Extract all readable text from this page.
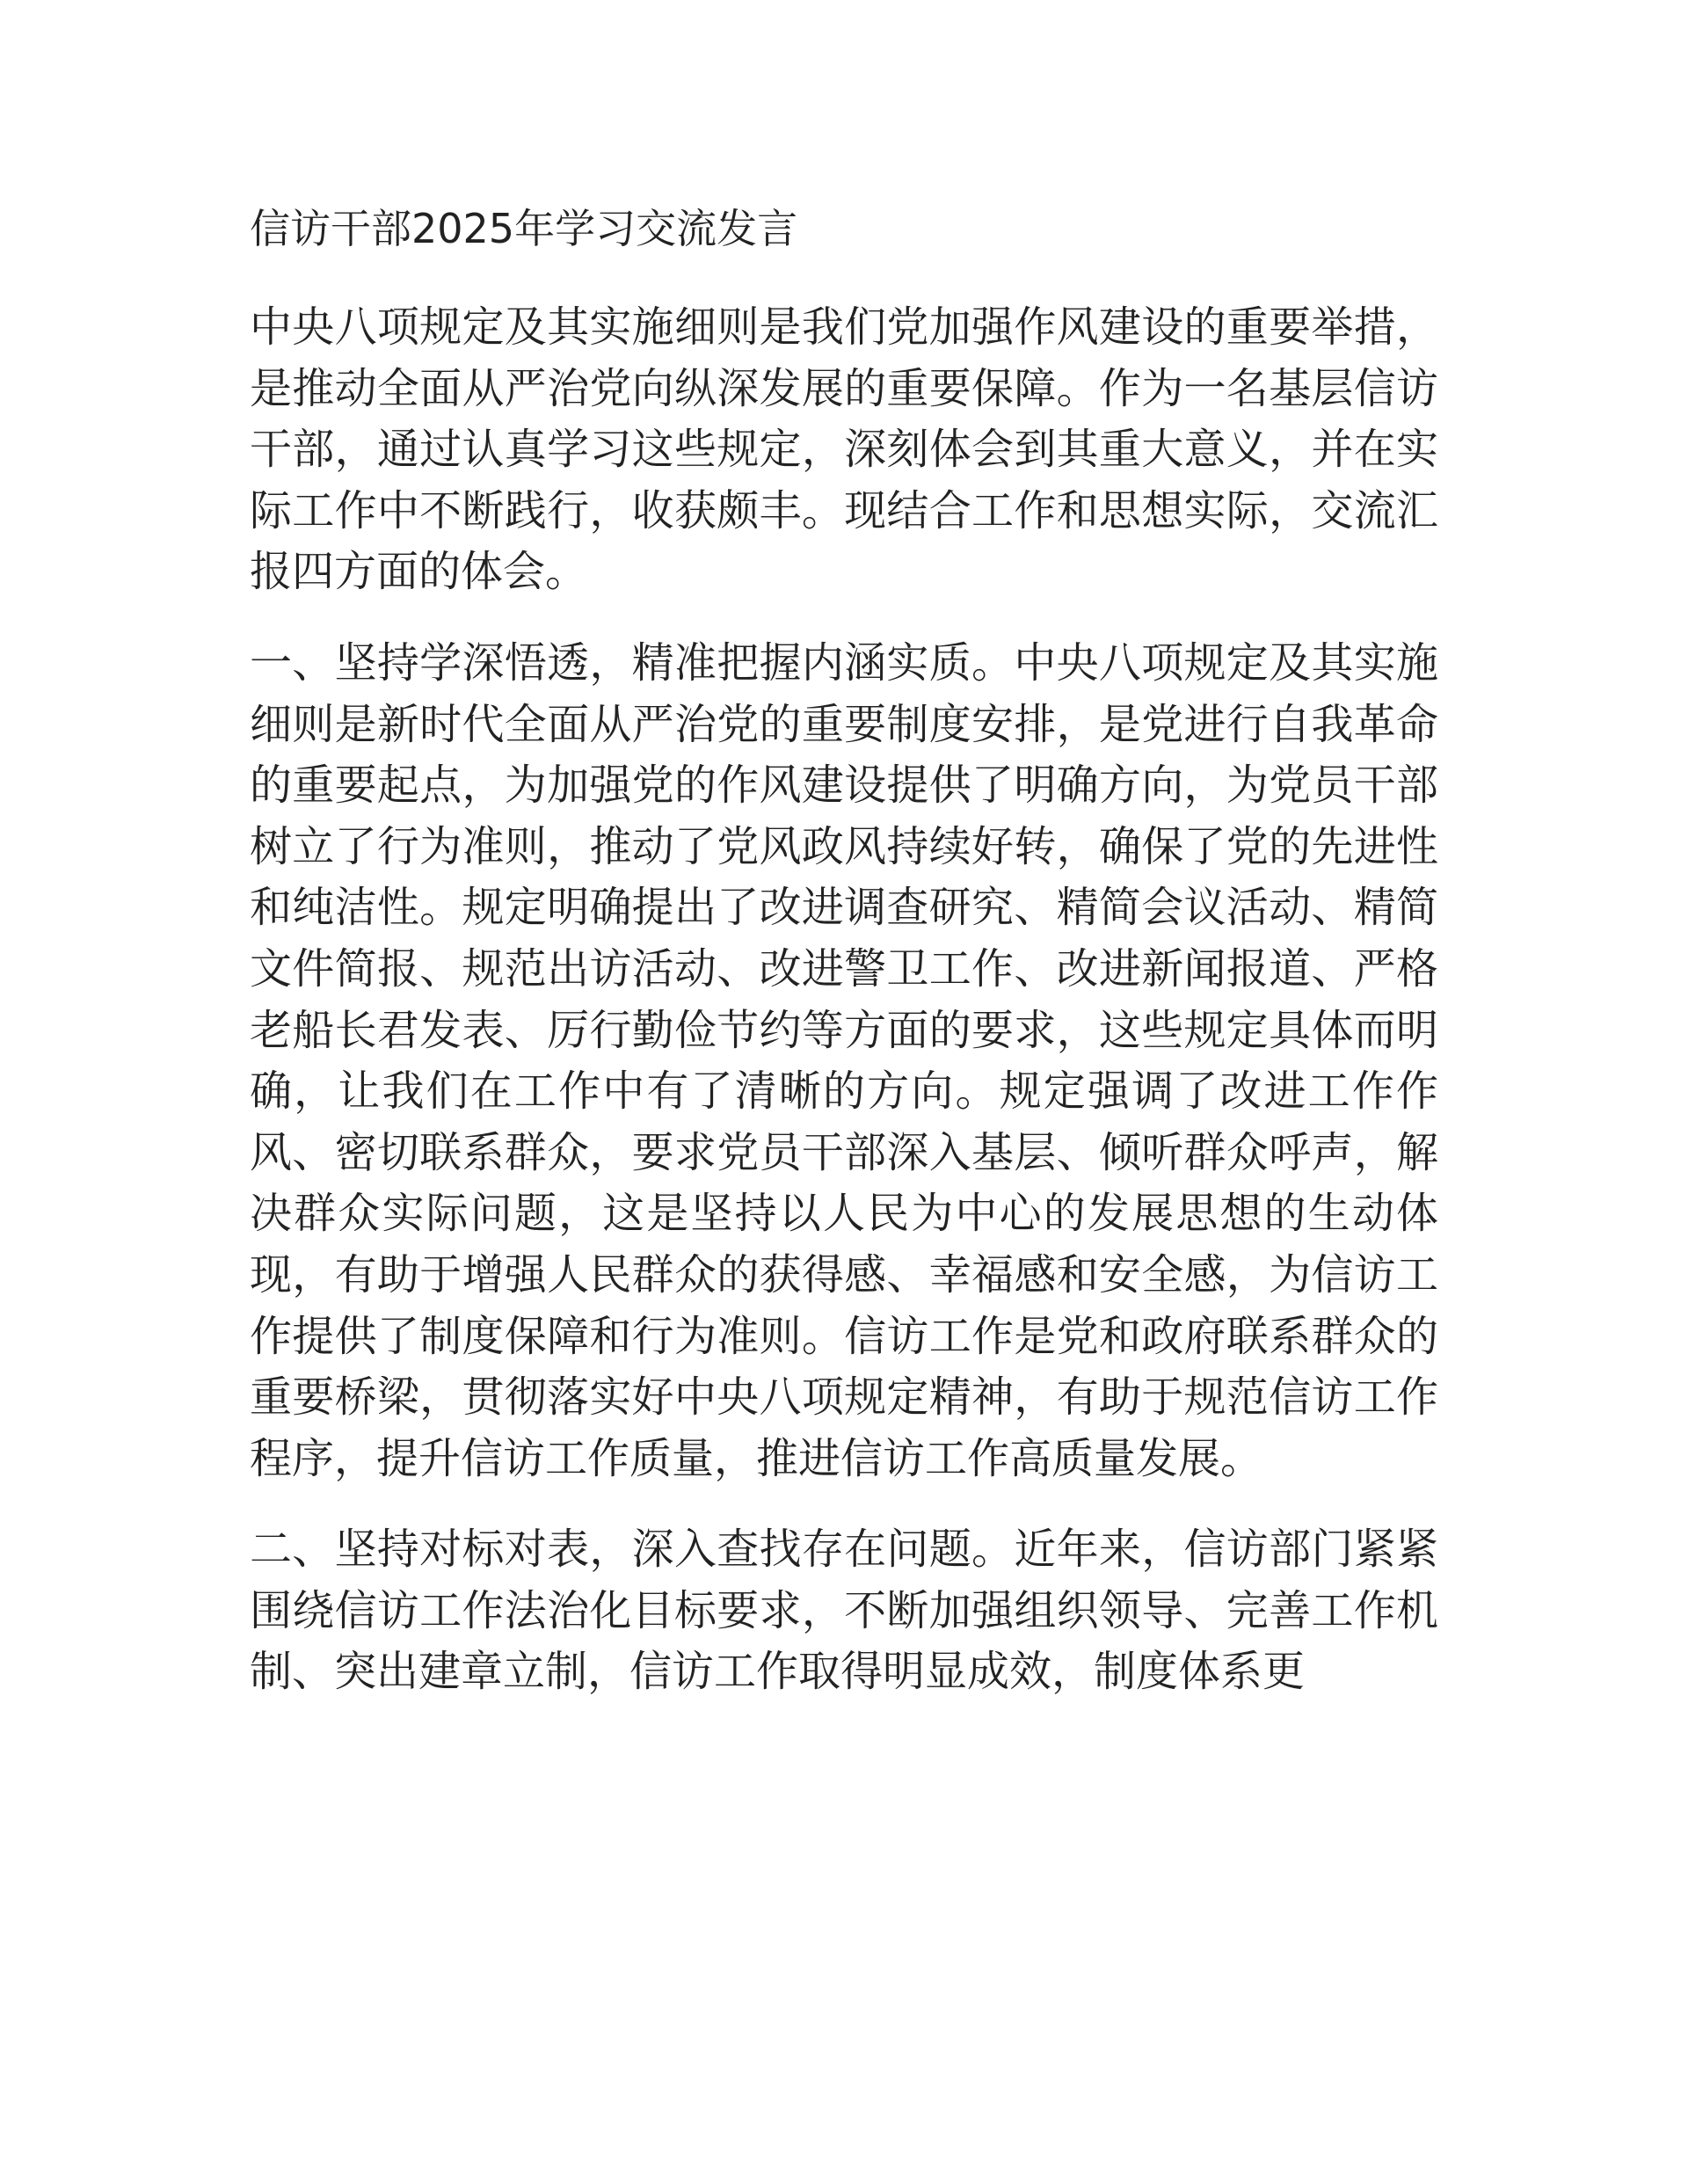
信访干部2025年学习交流发言

中央八项规定及其实施细则是我们党加强作风建设的重要举措，是推动全面从严治党向纵深发展的重要保障。作为一名基层信访干部，通过认真学习这些规定，深刻体会到其重大意义，并在实际工作中不断践行，收获颇丰。现结合工作和思想实际，交流汇报四方面的体会。

一、坚持学深悟透，精准把握内涵实质。中央八项规定及其实施细则是新时代全面从严治党的重要制度安排，是党进行自我革命的重要起点，为加强党的作风建设提供了明确方向，为党员干部树立了行为准则，推动了党风政风持续好转，确保了党的先进性和纯洁性。规定明确提出了改进调查研究、精简会议活动、精简文件简报、规范出访活动、改进警卫工作、改进新闻报道、严格老船长君发表、厉行勤俭节约等方面的要求，这些规定具体而明确，让我们在工作中有了清晰的方向。规定强调了改进工作作风、密切联系群众，要求党员干部深入基层、倾听群众呼声，解决群众实际问题，这是坚持以人民为中心的发展思想的生动体现，有助于增强人民群众的获得感、幸福感和安全感，为信访工作提供了制度保障和行为准则。信访工作是党和政府联系群众的重要桥梁，贯彻落实好中央八项规定精神，有助于规范信访工作程序，提升信访工作质量，推进信访工作高质量发展。

二、坚持对标对表，深入查找存在问题。近年来，信访部门紧紧围绕信访工作法治化目标要求，不断加强组织领导、完善工作机制、突出建章立制，信访工作取得明显成效，制度体系更
